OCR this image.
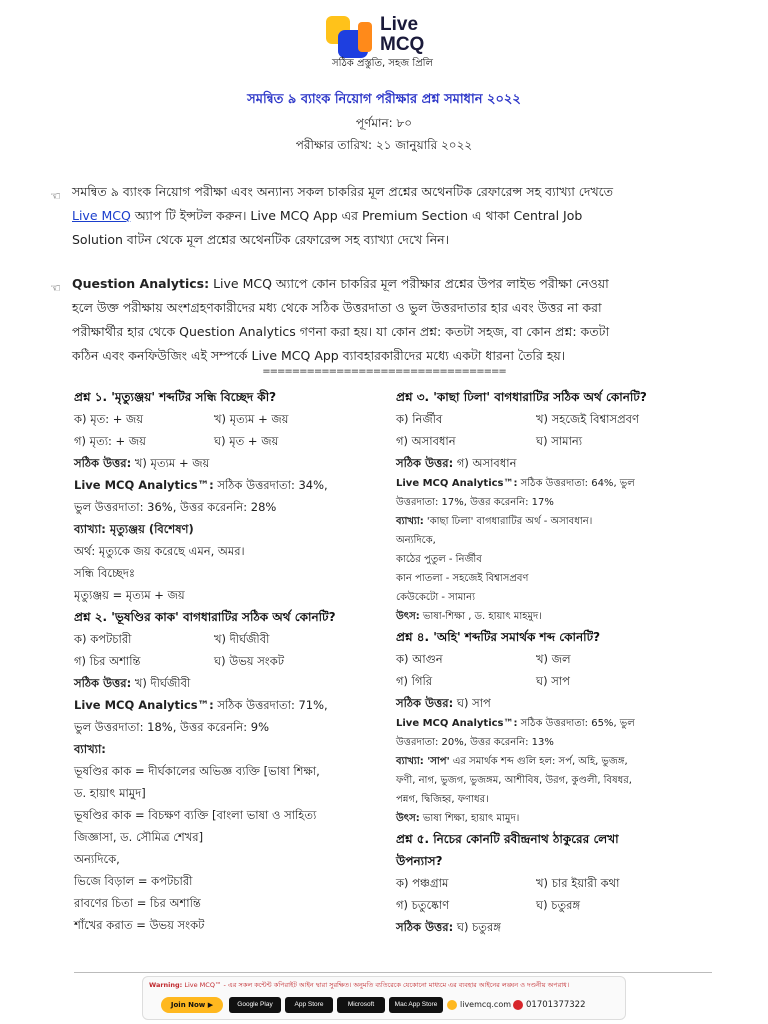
Live
MCQ
সঠিক প্রস্তুতি, সহজ প্রিলি
সমন্বিত ৯ ব্যাংক নিয়োগ পরীক্ষার প্রশ্ন সমাধান ২০২২
পূর্ণমান: ৮০
পরীক্ষার তারিখ: ২১ জানুয়ারি ২০২২
☜ সমন্বিত ৯ ব্যাংক নিয়োগ পরীক্ষা এবং অন্যান্য সকল চাকরির মূল প্রশ্নের অথেনটিক রেফারেন্স সহ ব্যাখ্যা দেখতে
Live MCQ অ্যাপ টি ইন্সটল করুন। Live MCQ App এর Premium Section এ থাকা Central Job
Solution বাটন থেকে মূল প্রশ্নের অথেনটিক রেফারেন্স সহ ব্যাখ্যা দেখে নিন।
☜ Question Analytics: Live MCQ অ্যাপে কোন চাকরির মূল পরীক্ষার প্রশ্নের উপর লাইভ পরীক্ষা নেওয়া
হলে উক্ত পরীক্ষায় অংশগ্রহণকারীদের মধ্য থেকে সঠিক উত্তরদাতা ও ভুল উত্তরদাতার হার এবং উত্তর না করা
পরীক্ষার্থীর হার থেকে Question Analytics গণনা করা হয়। যা কোন প্রশ্ন: কতটা সহজ, বা কোন প্রশ্ন: কতটা
কঠিন এবং কনফিউজিং এই সম্পর্কে Live MCQ App ব্যাবহারকারীদের মধ্যে একটা ধারনা তৈরি হয়।
=================================
প্রশ্ন ১. 'মৃত্যুঞ্জয়' শব্দটির সন্ধি বিচ্ছেদ কী?
ক) মৃত: + জয়	খ) মৃত্যম + জয়
গ) মৃত্য: + জয়	ঘ) মৃত + জয়
সঠিক উত্তর: খ) মৃত্যম + জয়
Live MCQ Analytics™: সঠিক উত্তরদাতা: 34%,
ভুল উত্তরদাতা: 36%, উত্তর করেননি: 28%
ব্যাখ্যা: মৃত্যুঞ্জয় (বিশেষণ)
অর্থ: মৃত্যুকে জয় করেছে এমন, অমর।
সন্ধি বিচ্ছেদঃ
মৃত্যুঞ্জয় = মৃত্যম + জয়
প্রশ্ন ২. 'ভূষণ্ডির কাক' বাগধারাটির সঠিক অর্থ কোনটি?
ক) কপটচারী	খ) দীর্ঘজীবী
গ) চির অশান্তি	ঘ) উভয় সংকট
সঠিক উত্তর: খ) দীর্ঘজীবী
Live MCQ Analytics™: সঠিক উত্তরদাতা: 71%,
ভুল উত্তরদাতা: 18%, উত্তর করেননি: 9%
ব্যাখ্যা:
ভূষণ্ডির কাক = দীর্ঘকালের অভিজ্ঞ ব্যক্তি [ভাষা শিক্ষা,
ড. হায়াৎ মামুদ]
ভূষণ্ডির কাক = বিচক্ষণ ব্যক্তি [বাংলা ভাষা ও সাহিত্য
জিজ্ঞাসা, ড. সৌমিত্র শেখর]
অন্যদিকে,
ভিজে বিড়াল = কপটচারী
রাবণের চিতা = চির অশান্তি
শাঁখের করাত = উভয় সংকট
প্রশ্ন ৩. 'কাছা ঢিলা' বাগধারাটির সঠিক অর্থ কোনটি?
ক) নির্জীব	খ) সহজেই বিশ্বাসপ্রবণ
গ) অসাবধান	ঘ) সামান্য
সঠিক উত্তর: গ) অসাবধান
Live MCQ Analytics™: সঠিক উত্তরদাতা: 64%, ভুল
উত্তরদাতা: 17%, উত্তর করেননি: 17%
ব্যাখ্যা: 'কাছা ঢিলা' বাগধারাটির অর্থ - অসাবধান।
অন্যদিকে,
কাঠের পুতুল - নির্জীব
কান পাতলা - সহজেই বিশ্বাসপ্রবণ
কেউকেটো - সামান্য
উৎস: ভাষা-শিক্ষা , ড. হায়াৎ মাহমুদ।
প্রশ্ন ৪. 'অহি' শব্দটির সমার্থক শব্দ কোনটি?
ক) আগুন	খ) জল
গ) গিরি	ঘ) সাপ
সঠিক উত্তর: ঘ) সাপ
Live MCQ Analytics™: সঠিক উত্তরদাতা: 65%, ভুল
উত্তরদাতা: 20%, উত্তর করেননি: 13%
ব্যাখ্যা: 'সাপ' এর সমার্থক শব্দ গুলি হল: সর্প, অহি, ভুজঙ্গ,
ফণী, নাগ, ভুজগ, ভুজঙ্গম, আশীবিষ, উরগ, কুণ্ডলী, বিষধর,
পন্নগ, দ্বিজিহ্ব, ফণাধর।
উৎস: ভাষা শিক্ষা, হায়াৎ মামুদ।
প্রশ্ন ৫. নিচের কোনটি রবীন্দ্রনাথ ঠাকুরের লেখা
উপন্যাস?
ক) পঞ্চগ্রাম	খ) চার ইয়ারী কথা
গ) চতুষ্কোণ	ঘ) চতুরঙ্গ
সঠিক উত্তর: ঘ) চতুরঙ্গ
Warning: Live MCQ™ - এর সকল কন্টেন্ট কপিরাইট আইন দ্বারা সুরক্ষিত। অনুমতি ব্যতিরেকে যেকোনো মাধ্যমে এর ব্যবহার আইনের লঙ্ঘন ও দণ্ডনীয় অপরাধ।
Join Now ▶	Google Play	App Store	Microsoft	Mac App Store	livemcq.com	01701377322
